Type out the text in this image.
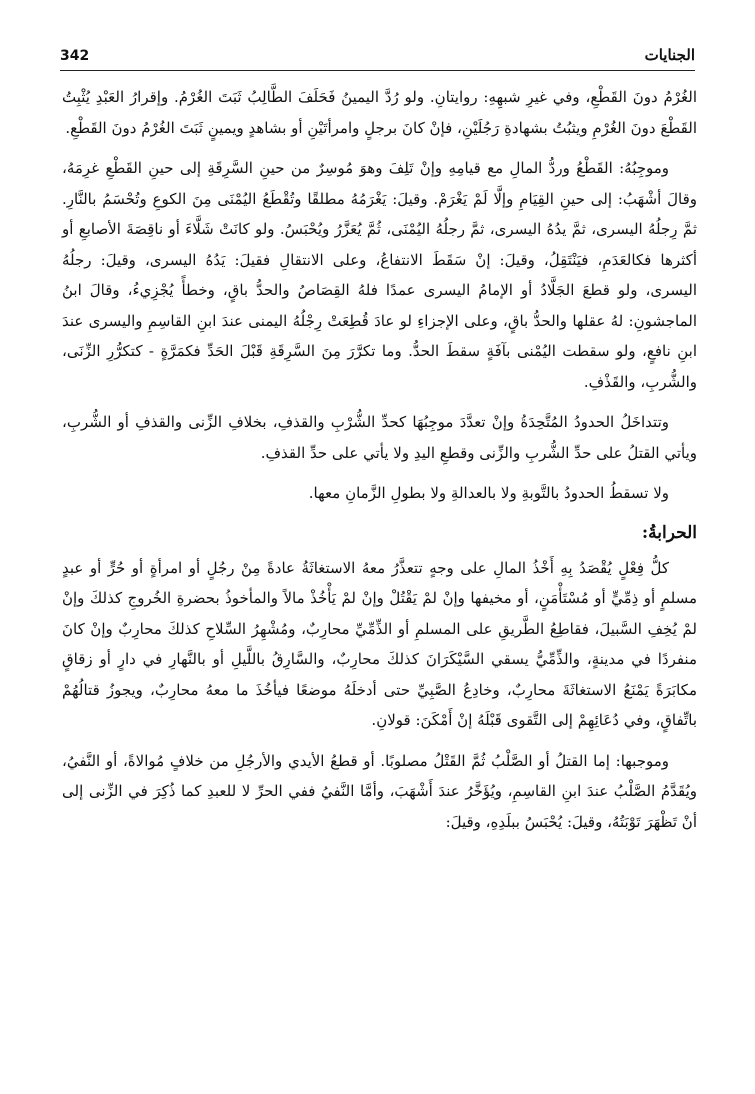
342	الجنايات

الغُرْمُ دونَ القَطْعِ، وفي غيرِ شبهِهِ: روايتانِ. ولو رُدَّ اليمينُ فَحَلَفَ الطَّالِبُ ثَبَتَ الغُرْمُ. وإقرارُ العَبْدِ يُثْبِتُ القَطْعَ دونَ الغُرْمِ ويثبُتُ بشهادةِ رَجُلَيْنِ، فإنْ كانَ برجلٍ وامرأتَيْنِ أو بشاهدٍ ويمينٍ ثَبَتَ الغُرْمُ دونَ القَطْعِ.

وموجِبُهُ: القَطْعُ وردُّ المالِ مع قيامِهِ وإنْ تَلِفَ وهوَ مُوسِرٌ من حينِ السَّرِقَةِ إلى حينِ القَطْعِ غرِمَهُ، وقالَ أشْهَبُ: إلى حينِ القِيَامِ وإلَّا لَمْ يَغْرَمْ. وقيلَ: يَغْرَمُهُ مطلقًا وتُقْطَعُ اليُمْنَى مِنَ الكوعِ وتُحْسَمُ بالنَّارِ. ثمَّ رِجلُهُ اليسرى، ثمَّ يدُهُ اليسرى، ثمَّ رجلُهُ اليُمْنَى، ثُمَّ يُعَزَّرُ ويُحْبَسُ. ولو كانَتْ شَلَّاءَ أو ناقِصَةَ الأصابعِ أو أكثرها فكالعَدَمِ، فيَنْتَقِلُ، وقيلَ: إنْ سَقَطَ الانتفاعُ، وعلى الانتقالِ فقيلَ: يَدُهُ اليسرى، وقيلَ: رجلُهُ اليسرى، ولو قطعَ الجَلَّادُ أو الإمامُ اليسرى عمدًا فلهُ القِصَاصُ والحدُّ باقٍ، وخطأً يُجْزِيءُ، وقالَ ابنُ الماجشونِ: لهُ عقلها والحدُّ باقٍ، وعلى الإجزاءِ لو عادَ قُطِعَتْ رِجْلُهُ اليمنى عندَ ابنِ القاسِمِ واليسرى عندَ ابنِ نافعٍ، ولو سقطت اليُمْنى بآفَةٍ سقطَ الحدُّ. وما تكرَّرَ مِنَ السَّرِقَةِ قَبْلَ الحَدِّ فكمَرَّةٍ - كتكرُّرِ الزِّنَى، والشُّربِ، والقَذْفِ.

وتتداخَلُ الحدودُ المُتَّحِدَةُ وإنْ تعدَّدَ موجِبُهَا كحدِّ الشُّرْبِ والقذفِ، بخلافِ الزِّنى والقذفِ أو الشُّربِ، ويأتي القتلُ على حدِّ الشُّربِ والزِّنى وقطعِ اليدِ ولا يأتي على حدِّ القذفِ.

ولا تسقطُ الحدودُ بالتَّوبةِ ولا بالعدالةِ ولا بطولِ الزَّمانِ معها.

الحرابةُ:

كلُّ فِعْلٍ يُقْصَدُ بِهِ أَخْذُ المالِ على وجهٍ تتعذَّرُ معهُ الاستغاثَةُ عادةً مِنْ رجُلٍ أو امرأةٍ أو حُرٍّ أو عبدٍ مسلمٍ أو ذِمِّيٍّ أو مُسْتَأْمَنٍ، أو مخيفها وإنْ لمْ يَقْتُلْ وإنْ لمْ يَأْخُذْ مالاً والمأخوذُ بحضرةِ الخُروجِ كذلكَ وإنْ لمْ يُخِفِ السَّبيلَ، فقاطِعُ الطَّريقِ على المسلمِ أو الذِّمِّيِّ محارِبٌ، ومُشْهِرُ السِّلاحِ كذلكَ محارِبٌ وإنْ كانَ منفردًا في مدينةٍ، والذِّمِّيُّ يسقي السَّيْكَرَانَ كذلكَ محارِبٌ، والسَّارِقُ باللَّيلِ أو بالنَّهارِ في دارٍ أو زقاقٍ مكابَرَةً يَمْنَعُ الاستغاثَةَ محارِبٌ، وخادِعُ الصَّبِيِّ حتى أدخلَهُ موضعًا فيأخُذَ ما معهُ محارِبٌ، ويجوزُ قتالُهُمْ باتِّفاقٍ، وفي دُعَائِهِمْ إلى التَّقوى قَبْلَهُ إنْ أَمْكَنَ: قولانِ.

وموجبها: إما القتلُ أو الصَّلْبُ ثُمَّ القَتْلُ مصلوبًا. أو قطعُ الأيدي والأرجُلِ من خلافٍ مُوالاةً، أو النَّفيُ، ويُقَدَّمُ الصَّلْبُ عندَ ابنِ القاسِمِ، ويُؤَخَّرُ عندَ أَشْهَبَ، وأمَّا النَّفيُ ففي الحرِّ لا للعبدِ كما ذُكِرَ في الزِّنى إلى أنْ تَظْهَرَ تَوْبَتُهُ، وقيلَ: يُحْبَسُ ببلَدِهِ، وقيلَ:
